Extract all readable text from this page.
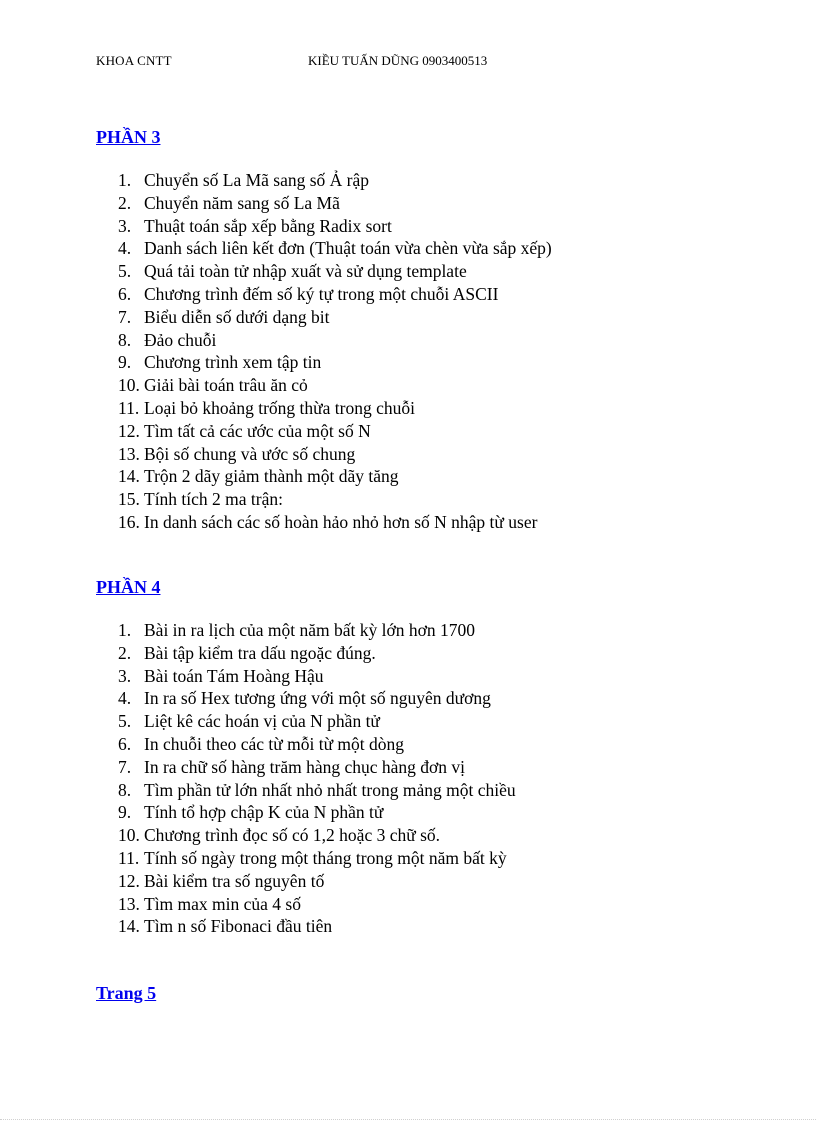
KHOA CNTT	KIỀU TUẤN DŨNG 0903400513
PHẦN 3
1. Chuyển số La Mã sang số Ả rập
2. Chuyển năm sang số La Mã
3. Thuật toán sắp xếp bằng Radix sort
4. Danh sách liên kết đơn (Thuật toán vừa chèn vừa sắp xếp)
5. Quá tải toàn tử nhập xuất và sử dụng template
6. Chương trình đếm số ký tự trong một chuỗi ASCII
7. Biểu diễn số dưới dạng bit
8. Đảo chuỗi
9. Chương trình xem tập tin
10. Giải bài toán trâu ăn cỏ
11. Loại bỏ khoảng trống thừa trong chuỗi
12. Tìm tất cả các ước của một số N
13. Bội số chung và ước số chung
14. Trộn 2 dãy giảm thành một dãy tăng
15. Tính tích 2 ma trận:
16. In danh sách các số hoàn hảo nhỏ hơn số N nhập từ user
PHẦN 4
1. Bài in ra lịch của một năm bất kỳ lớn hơn 1700
2. Bài tập kiểm tra dấu ngoặc đúng.
3. Bài toán Tám Hoàng Hậu
4. In ra số Hex tương ứng với một số nguyên dương
5. Liệt kê các hoán vị của N phần tử
6. In chuỗi theo các từ mỗi từ một dòng
7. In ra chữ số hàng trăm hàng chục hàng đơn vị
8. Tìm phần tử lớn nhất nhỏ nhất trong mảng một chiều
9. Tính tổ hợp chập K của N phần tử
10. Chương trình đọc số có 1,2 hoặc 3 chữ số.
11. Tính số ngày trong một tháng trong một năm bất kỳ
12. Bài kiểm tra số nguyên tố
13. Tìm max min của 4 số
14. Tìm n số Fibonaci đầu tiên
Trang 5
